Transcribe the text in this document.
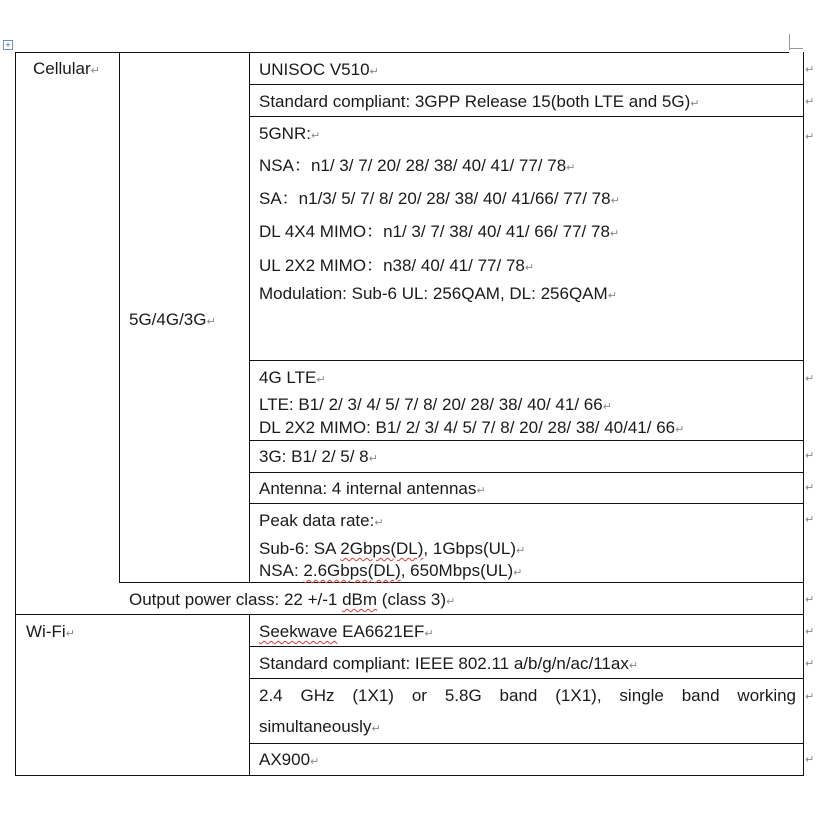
+
Cellular↵
5G/4G/3G↵
UNISOC V510↵
Standard compliant: 3GPP Release 15(both LTE and 5G)↵
5GNR:↵
NSA：n1/ 3/ 7/ 20/ 28/ 38/ 40/ 41/ 77/ 78↵
SA：n1/3/ 5/ 7/ 8/ 20/ 28/ 38/ 40/ 41/66/ 77/ 78↵
DL 4X4 MIMO：n1/ 3/ 7/ 38/ 40/ 41/ 66/ 77/ 78↵
UL 2X2 MIMO：n38/ 40/ 41/ 77/ 78↵
Modulation: Sub-6 UL: 256QAM, DL: 256QAM↵
4G LTE↵
LTE: B1/ 2/ 3/ 4/ 5/ 7/ 8/ 20/ 28/ 38/ 40/ 41/ 66↵
DL 2X2 MIMO: B1/ 2/ 3/ 4/ 5/ 7/ 8/ 20/ 28/ 38/ 40/41/ 66↵
3G: B1/ 2/ 5/ 8↵
Antenna: 4 internal antennas↵
Peak data rate:↵
Sub-6: SA 2Gbps(DL), 1Gbps(UL)↵
NSA: 2.6Gbps(DL), 650Mbps(UL)↵
Output power class: 22 +/-1 dBm (class 3)↵
Wi-Fi↵	Seekwave EA6621EF↵
Standard compliant: IEEE 802.11 a/b/g/n/ac/11ax↵
2.4 GHz (1X1) or 5.8G band (1X1), single band working
simultaneously↵
AX900↵
↵
↵
↵
↵
↵
↵
↵
↵
↵
↵
↵
↵
